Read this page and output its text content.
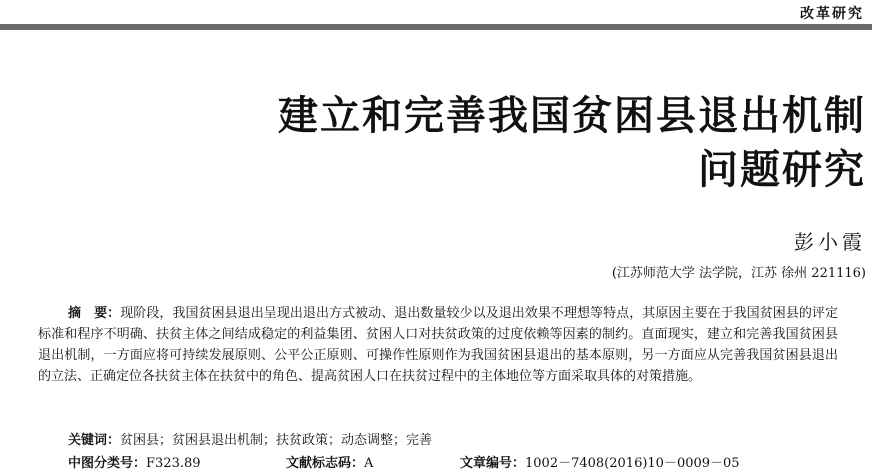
改革研究
建立和完善我国贫困县退出机制
问题研究
彭小霞
(江苏师范大学 法学院，江苏 徐州 221116)
摘　要：现阶段，我国贫困县退出呈现出退出方式被动、退出数量较少以及退出效果不理想等特点，其原因主要在于我国贫困县的评定标准和程序不明确、扶贫主体之间结成稳定的利益集团、贫困人口对扶贫政策的过度依赖等因素的制约。直面现实，建立和完善我国贫困县退出机制，一方面应将可持续发展原则、公平公正原则、可操作性原则作为我国贫困县退出的基本原则，另一方面应从完善我国贫困县退出的立法、正确定位各扶贫主体在扶贫中的角色、提高贫困人口在扶贫过程中的主体地位等方面采取具体的对策措施。
关键词：贫困县；贫困县退出机制；扶贫政策；动态调整；完善
中图分类号：F323.89	文献标志码：A	文章编号：1002－7408(2016)10－0009－05
